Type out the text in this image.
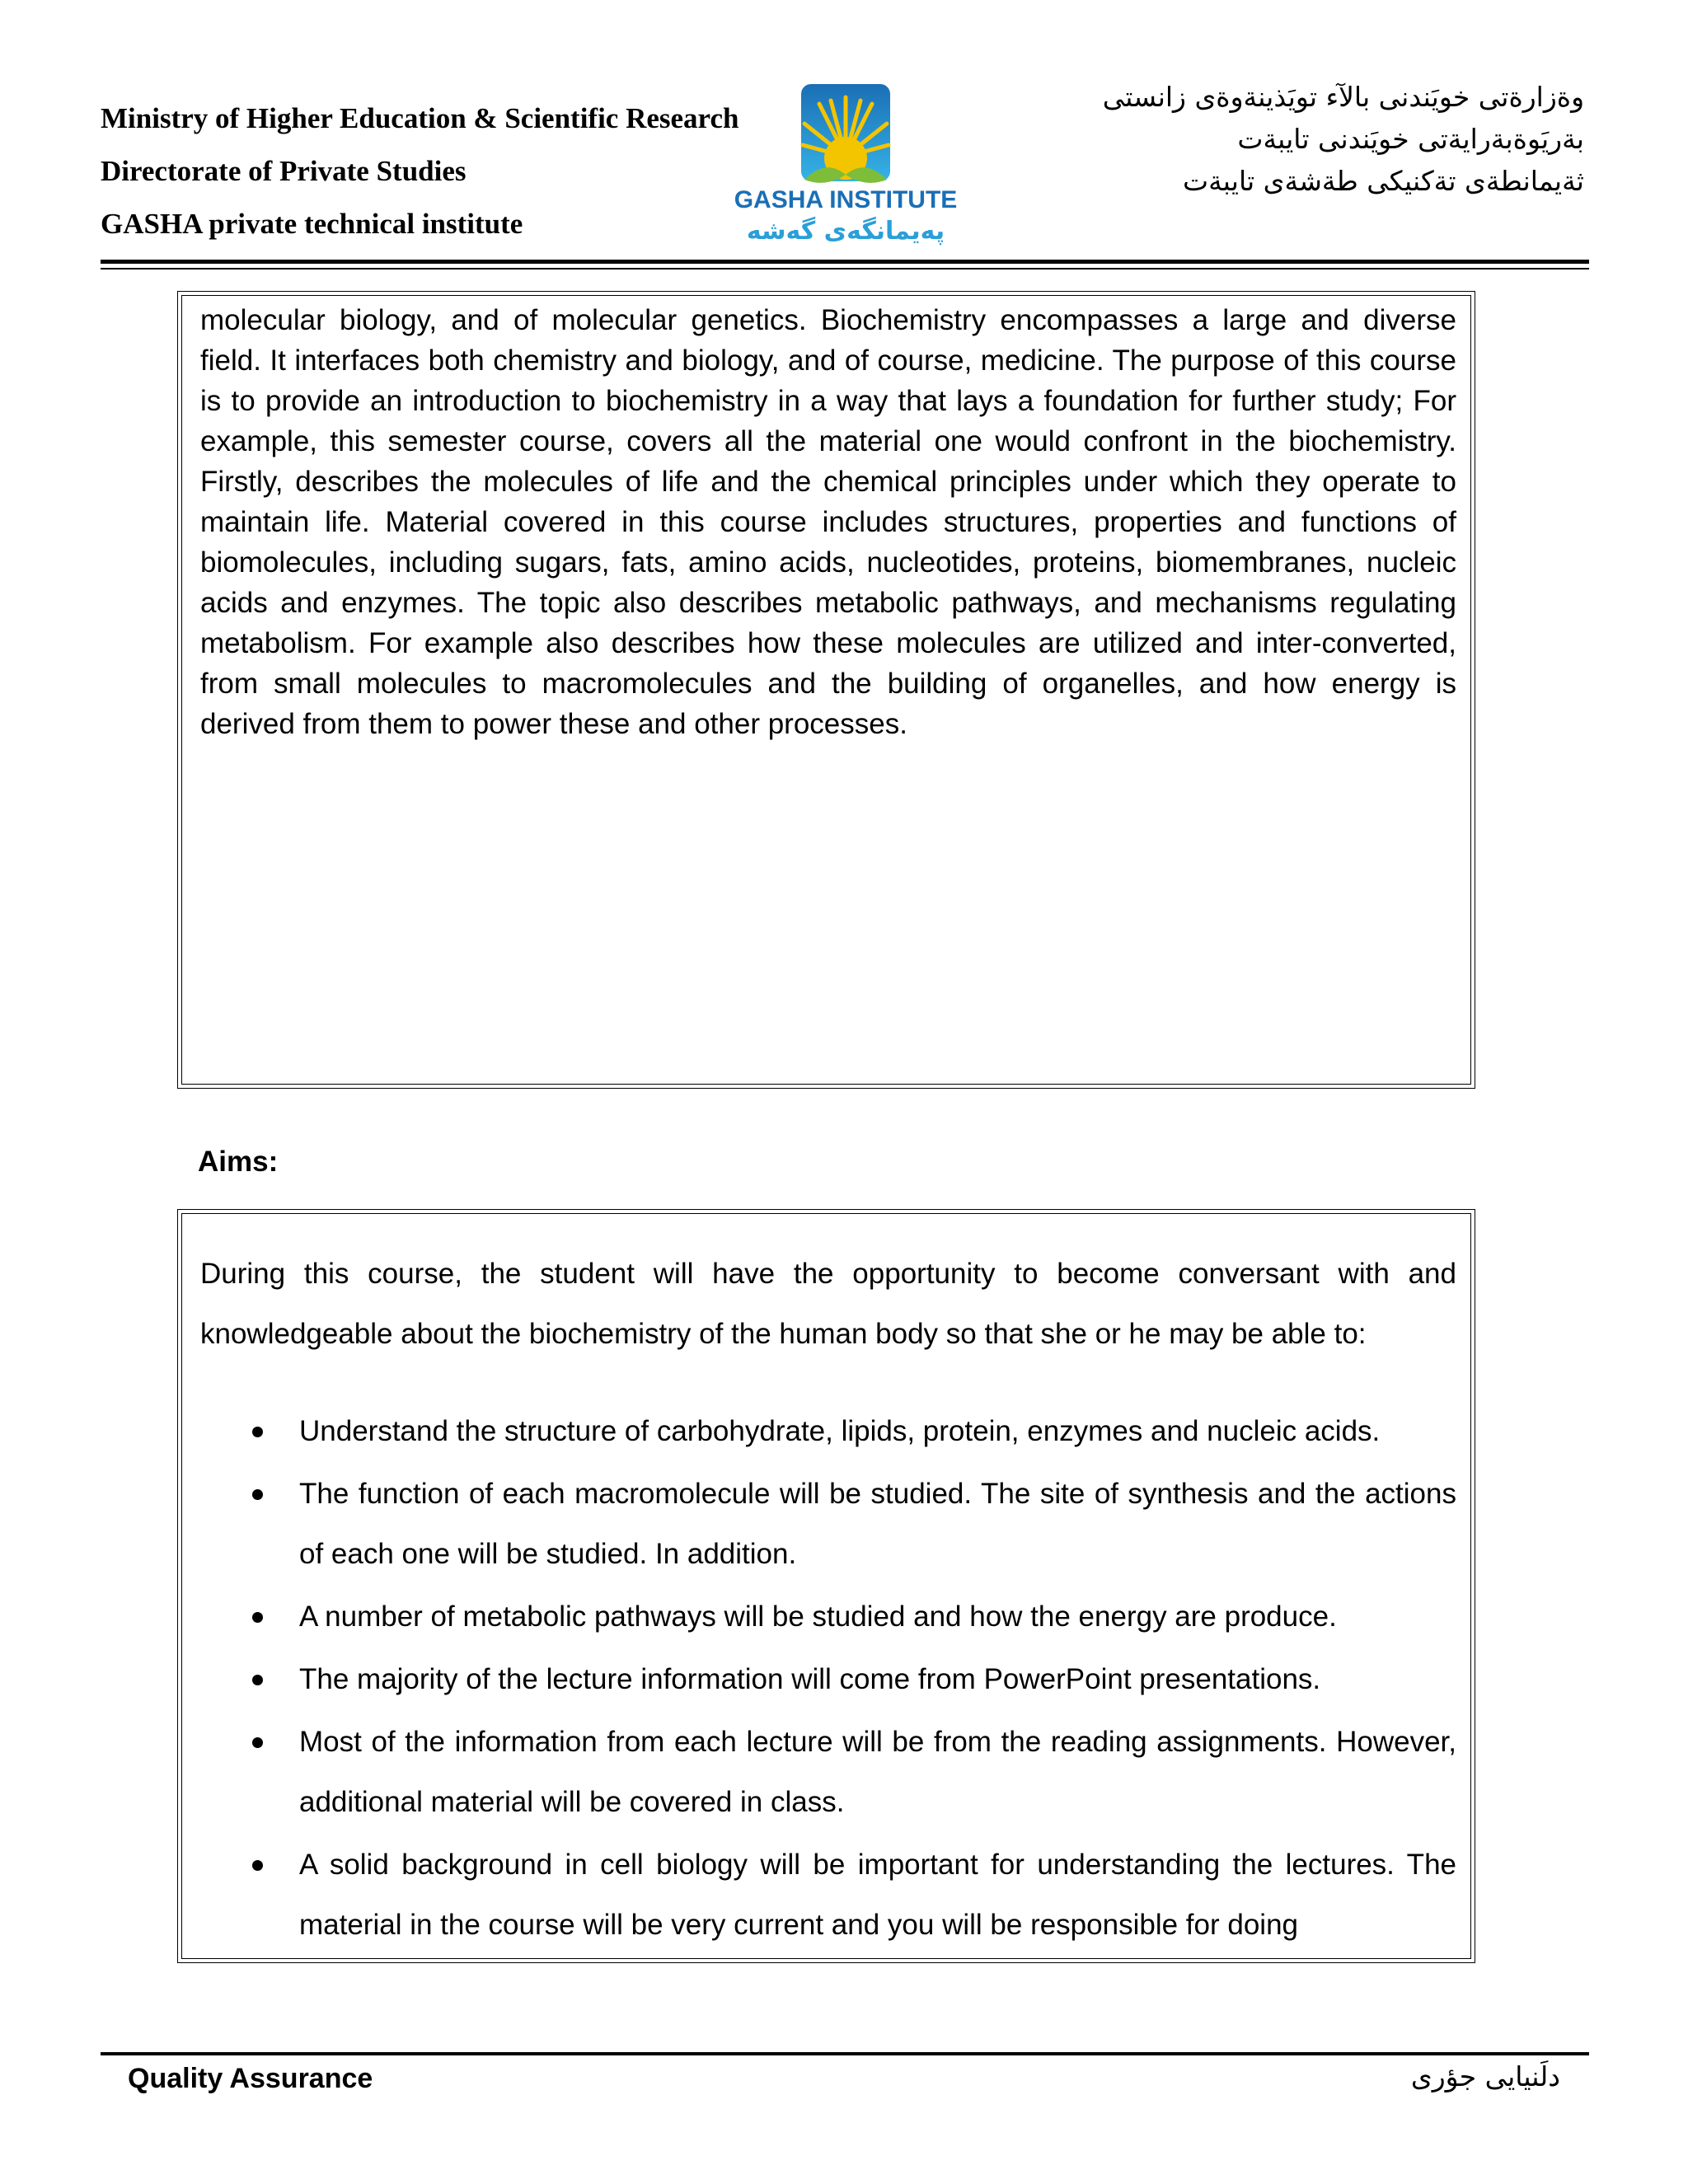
Ministry of Higher Education & Scientific Research
Directorate of Private Studies
GASHA private technical institute
GASHA INSTITUTE
پەیمانگەی گەشە
وةزارةتى خويَندنى بالآء تويَذينةوةى زانستى
بةريَوةبةرايةتى خويَندنى تايبةت
ثةيمانطةى تةكنيكى طةشةى تايبةت

molecular biology, and of molecular genetics. Biochemistry encompasses a large and diverse field. It interfaces both chemistry and biology, and of course, medicine. The purpose of this course is to provide an introduction to biochemistry in a way that lays a foundation for further study; For example, this semester course, covers all the material one would confront in the biochemistry. Firstly, describes the molecules of life and the chemical principles under which they operate to maintain life. Material covered in this course includes structures, properties and functions of biomolecules, including sugars, fats, amino acids, nucleotides, proteins, biomembranes, nucleic acids and enzymes. The topic also describes metabolic pathways, and mechanisms regulating metabolism. For example also describes how these molecules are utilized and inter-converted, from small molecules to macromolecules and the building of organelles, and how energy is derived from them to power these and other processes.

Aims:

During this course, the student will have the opportunity to become conversant with and knowledgeable about the biochemistry of the human body so that she or he may be able to:

Understand the structure of carbohydrate, lipids, protein, enzymes and nucleic acids.
The function of each macromolecule will be studied. The site of synthesis and the actions of each one will be studied. In addition.
A number of metabolic pathways will be studied and how the energy are produce.
The majority of the lecture information will come from PowerPoint presentations.
Most of the information from each lecture will be from the reading assignments. However, additional material will be covered in class.
A solid background in cell biology will be important for understanding the lectures. The material in the course will be very current and you will be responsible for doing
Quality Assurance	دلَنيايى جؤرى
